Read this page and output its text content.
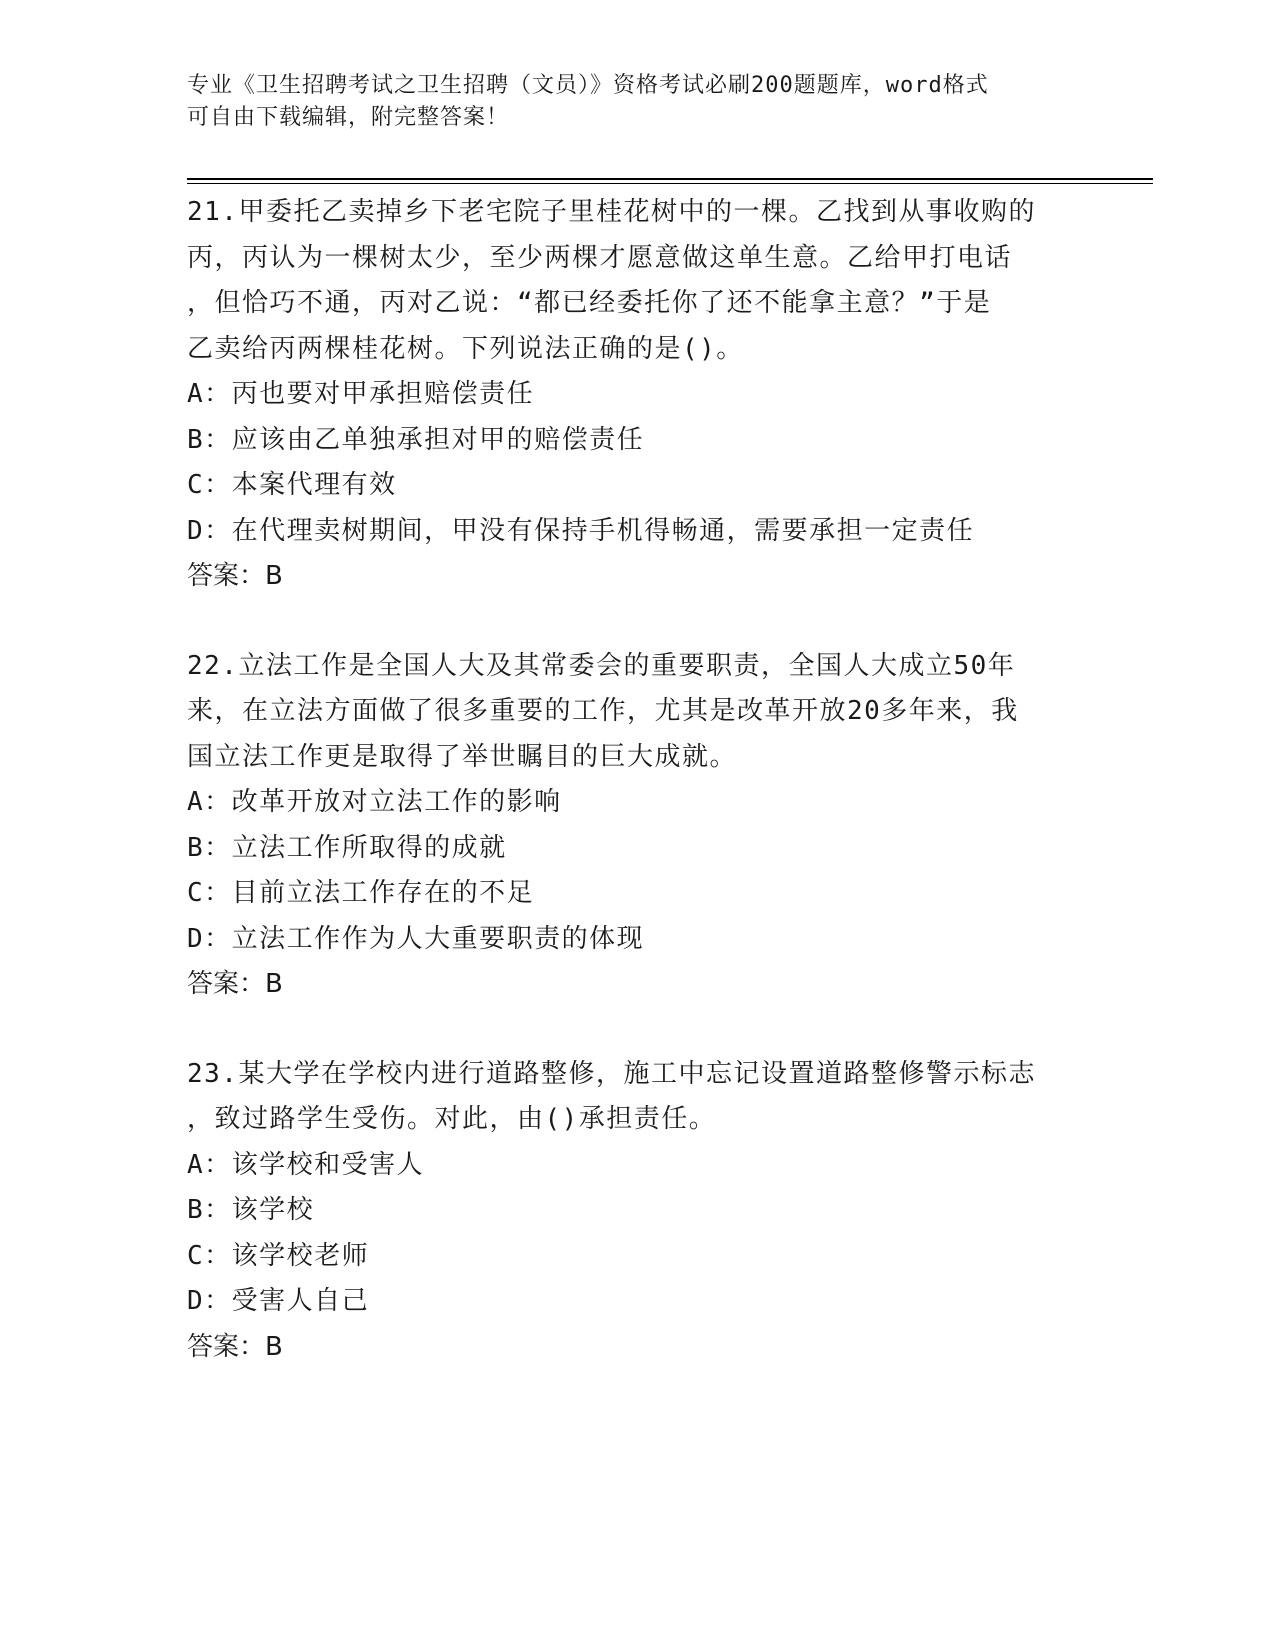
专业《卫生招聘考试之卫生招聘（文员）》资格考试必刷200题题库，word格式
可自由下载编辑，附完整答案！

21.甲委托乙卖掉乡下老宅院子里桂花树中的一棵。乙找到从事收购的

丙，丙认为一棵树太少，至少两棵才愿意做这单生意。乙给甲打电话

，但恰巧不通，丙对乙说：“都已经委托你了还不能拿主意？”于是

乙卖给丙两棵桂花树。下列说法正确的是()。

A：丙也要对甲承担赔偿责任

B：应该由乙单独承担对甲的赔偿责任

C：本案代理有效

D：在代理卖树期间，甲没有保持手机得畅通，需要承担一定责任

答案：B

22.立法工作是全国人大及其常委会的重要职责，全国人大成立50年

来，在立法方面做了很多重要的工作，尤其是改革开放20多年来，我

国立法工作更是取得了举世瞩目的巨大成就。

A：改革开放对立法工作的影响

B：立法工作所取得的成就

C：目前立法工作存在的不足

D：立法工作作为人大重要职责的体现

答案：B

23.某大学在学校内进行道路整修，施工中忘记设置道路整修警示标志

，致过路学生受伤。对此，由()承担责任。

A：该学校和受害人

B：该学校

C：该学校老师

D：受害人自己

答案：B
